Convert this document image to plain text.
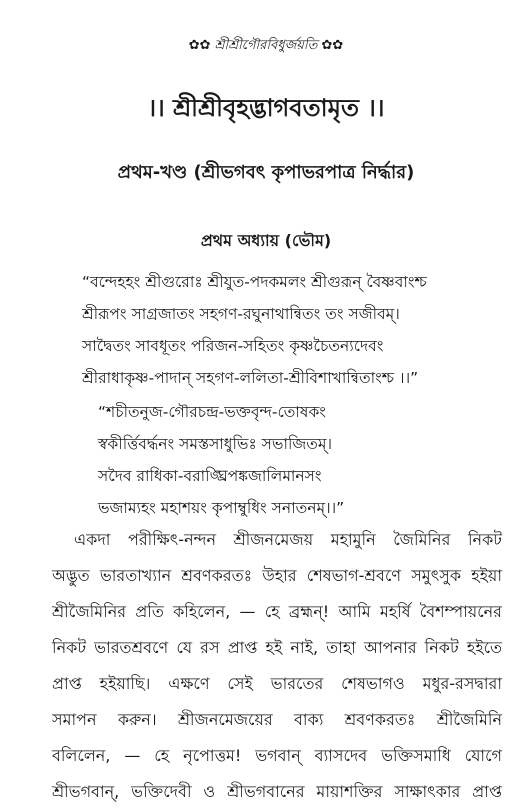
✿✿ শ্রীশ্রীগৌরবিধুর্জয়তি ✿✿
।। শ্রীশ্রীবৃহদ্ভাগবতামৃত ।।
প্রথম-খণ্ড (শ্রীভগবৎ কৃপাভরপাত্র নির্দ্ধার)
প্রথম অধ্যায় (ভৌম)
“বন্দেহহং শ্রীগুরোঃ শ্রীযুত-পদকমলং শ্রীগুরূন্ বৈষ্ণবাংশ্চ
শ্রীরূপং সাগ্রজাতং সহগণ-রঘুনাথান্বিতং তং সজীবম্।
সাদ্বৈতং সাবধূতং পরিজন-সহিতং কৃষ্ণচৈতন্যদেবং
শ্রীরাধাকৃষ্ণ-পাদান্ সহগণ-ললিতা-শ্রীবিশাখান্বিতাংশ্চ ।।”
“শচীতনুজ-গৌরচন্দ্র-ভক্তবৃন্দ-তোষকং
স্বকীর্ত্তিবর্দ্ধনং সমস্তসাধুভিঃ সভাজিতম্।
সদৈব রাধিকা-বরাঙ্ঘ্রিপঙ্কজালিমানসং
ভজাম্যহং মহাশয়ং কৃপাম্বুধিং সনাতনম্।।”
একদা পরীক্ষিৎ-নন্দন শ্রীজনমেজয় মহামুনি জৈমিনির নিকট
অদ্ভুত ভারতাখ্যান শ্রবণকরতঃ উহার শেষভাগ-শ্রবণে সমুৎসুক হইয়া
শ্রীজৈমিনির প্রতি কহিলেন, — হে ব্রহ্মন্! আমি মহর্ষি বৈশম্পায়নের
নিকট ভারতশ্রবণে যে রস প্রাপ্ত হই নাই, তাহা আপনার নিকট হইতে
প্রাপ্ত হইয়াছি। এক্ষণে সেই ভারতের শেষভাগও মধুর-রসদ্বারা
সমাপন করুন। শ্রীজনমেজয়ের বাক্য শ্রবণকরতঃ শ্রীজৈমিনি
বলিলেন, — হে নৃপোত্তম! ভগবান্ ব্যাসদেব ভক্তিসমাধি যোগে
শ্রীভগবান্, ভক্তিদেবী ও শ্রীভগবানের মায়াশক্তির সাক্ষাৎকার প্রাপ্ত
